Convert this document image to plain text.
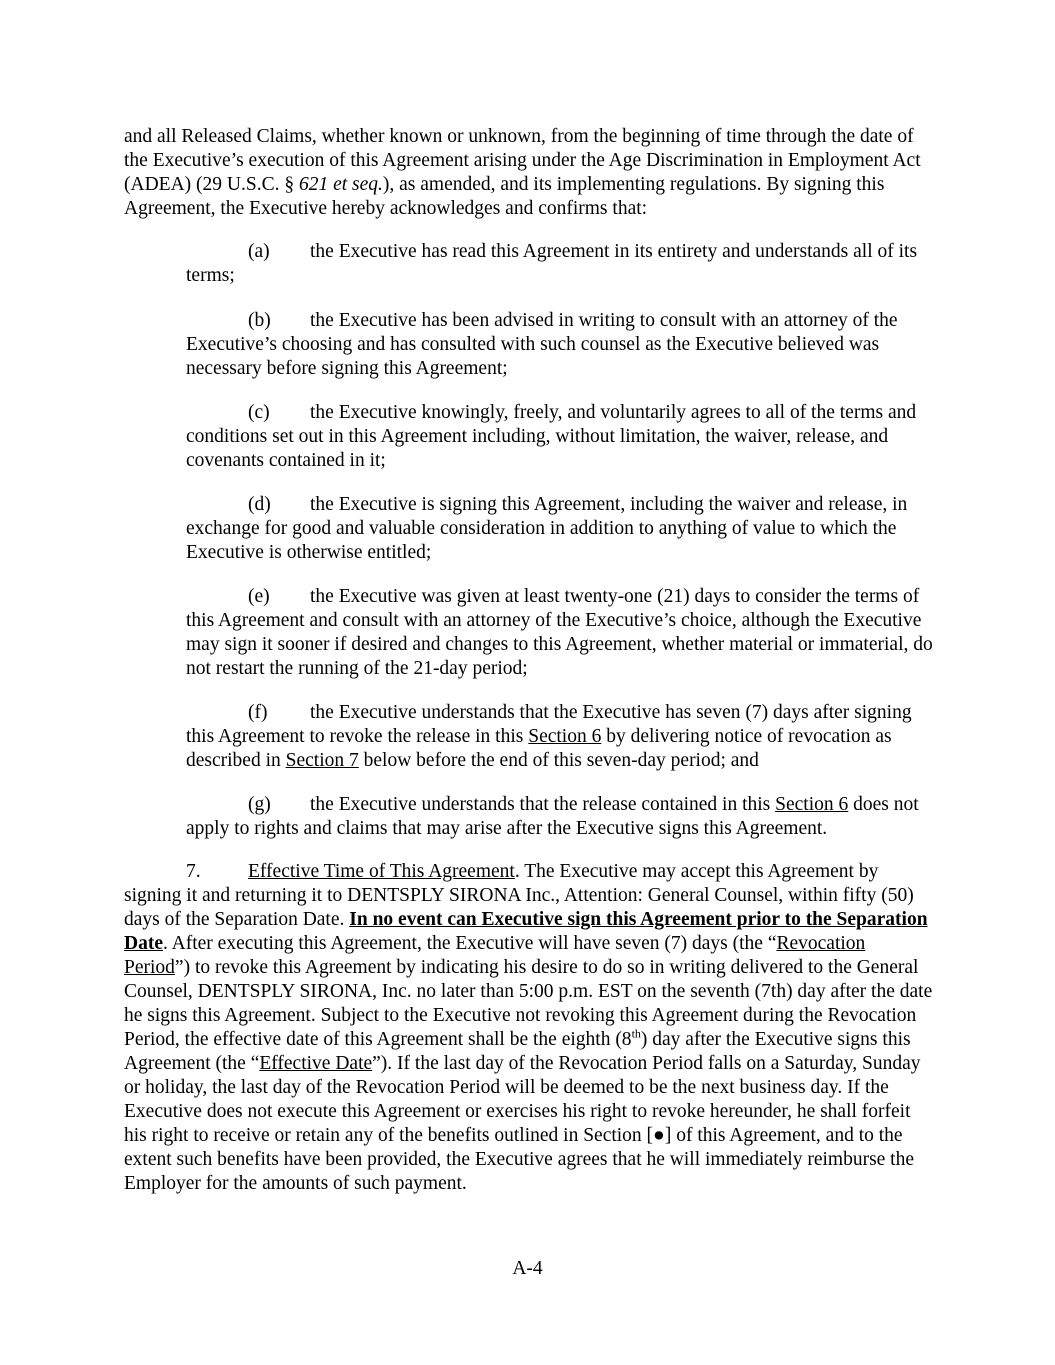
and all Released Claims, whether known or unknown, from the beginning of time through the date of the Executive’s execution of this Agreement arising under the Age Discrimination in Employment Act (ADEA) (29 U.S.C. § 621 et seq.), as amended, and its implementing regulations. By signing this Agreement, the Executive hereby acknowledges and confirms that:

(a) the Executive has read this Agreement in its entirety and understands all of its terms;

(b) the Executive has been advised in writing to consult with an attorney of the Executive’s choosing and has consulted with such counsel as the Executive believed was necessary before signing this Agreement;

(c) the Executive knowingly, freely, and voluntarily agrees to all of the terms and conditions set out in this Agreement including, without limitation, the waiver, release, and covenants contained in it;

(d) the Executive is signing this Agreement, including the waiver and release, in exchange for good and valuable consideration in addition to anything of value to which the Executive is otherwise entitled;

(e) the Executive was given at least twenty-one (21) days to consider the terms of this Agreement and consult with an attorney of the Executive’s choice, although the Executive may sign it sooner if desired and changes to this Agreement, whether material or immaterial, do not restart the running of the 21-day period;

(f) the Executive understands that the Executive has seven (7) days after signing this Agreement to revoke the release in this Section 6 by delivering notice of revocation as described in Section 7 below before the end of this seven-day period; and

(g) the Executive understands that the release contained in this Section 6 does not apply to rights and claims that may arise after the Executive signs this Agreement.

7. Effective Time of This Agreement. The Executive may accept this Agreement by signing it and returning it to DENTSPLY SIRONA Inc., Attention: General Counsel, within fifty (50) days of the Separation Date. In no event can Executive sign this Agreement prior to the Separation Date. After executing this Agreement, the Executive will have seven (7) days (the “Revocation Period”) to revoke this Agreement by indicating his desire to do so in writing delivered to the General Counsel, DENTSPLY SIRONA, Inc. no later than 5:00 p.m. EST on the seventh (7th) day after the date he signs this Agreement. Subject to the Executive not revoking this Agreement during the Revocation Period, the effective date of this Agreement shall be the eighth (8th) day after the Executive signs this Agreement (the “Effective Date”). If the last day of the Revocation Period falls on a Saturday, Sunday or holiday, the last day of the Revocation Period will be deemed to be the next business day. If the Executive does not execute this Agreement or exercises his right to revoke hereunder, he shall forfeit his right to receive or retain any of the benefits outlined in Section [●] of this Agreement, and to the extent such benefits have been provided, the Executive agrees that he will immediately reimburse the Employer for the amounts of such payment.

A-4
